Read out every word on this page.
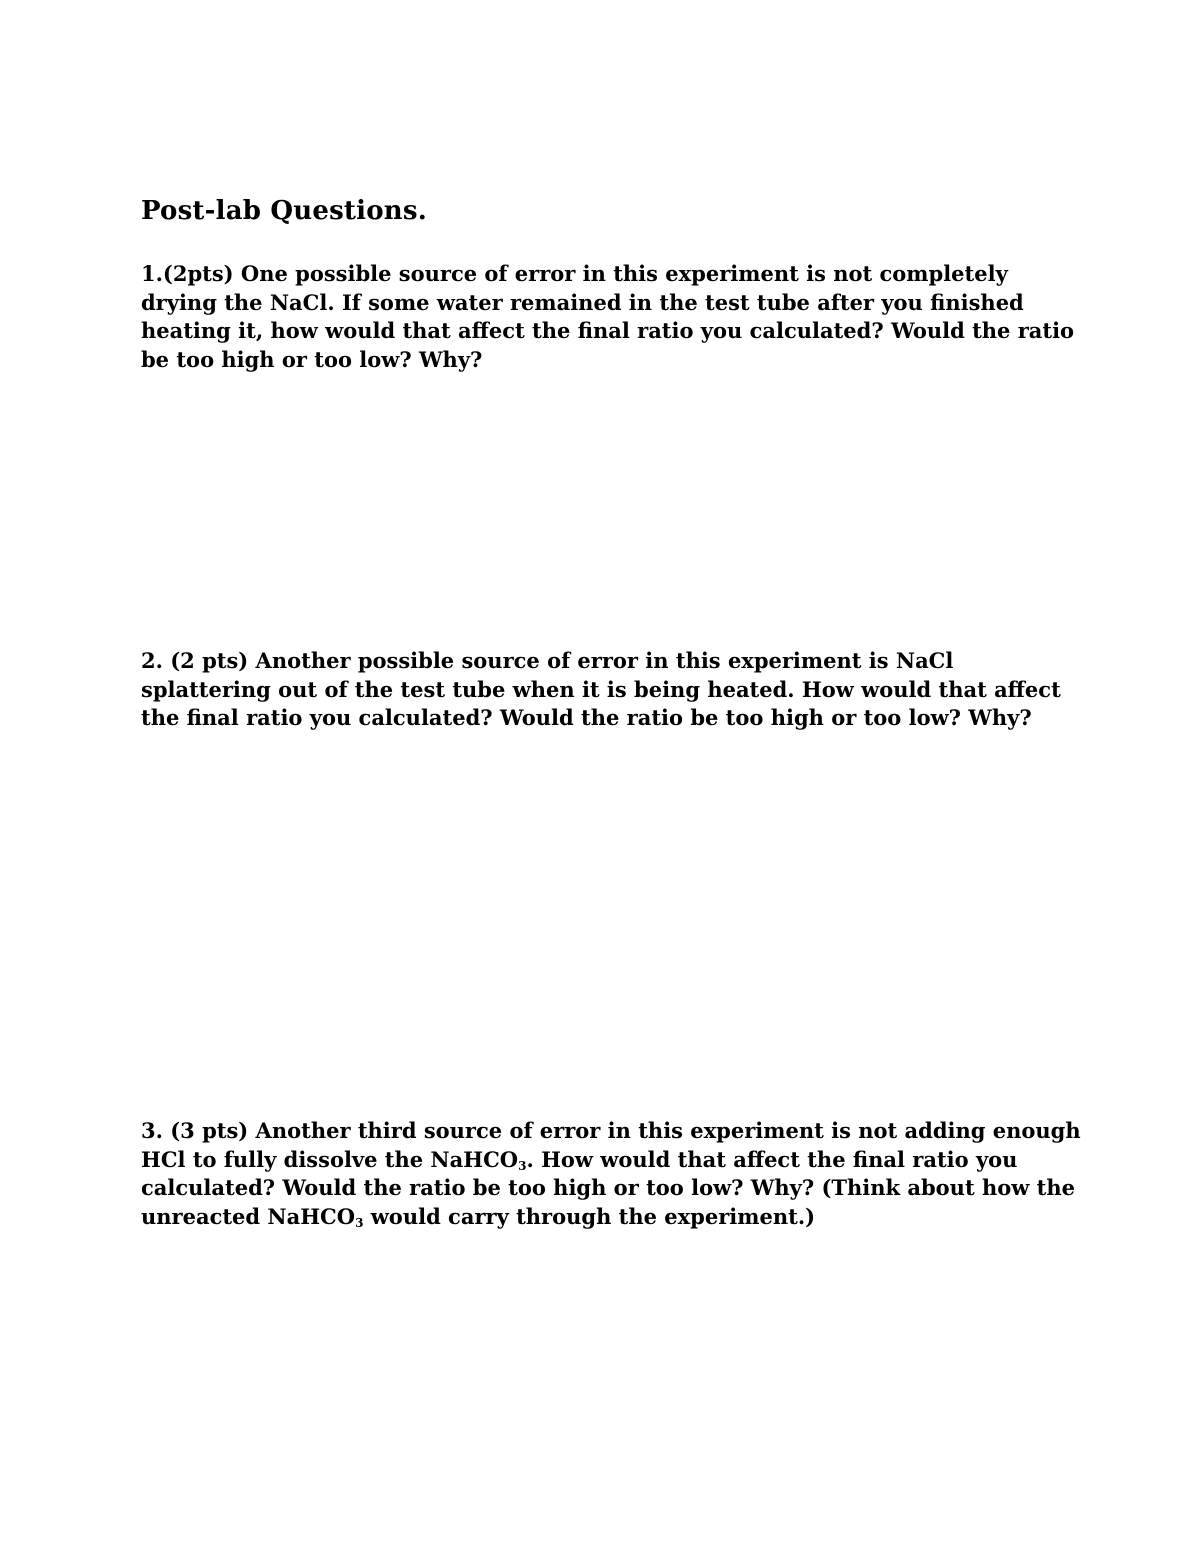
Post-lab Questions.
1.(2pts) One possible source of error in this experiment is not completely
drying the NaCl. If some water remained in the test tube after you finished
heating it, how would that affect the final ratio you calculated? Would the ratio
be too high or too low? Why?
2. (2 pts) Another possible source of error in this experiment is NaCl
splattering out of the test tube when it is being heated. How would that affect
the final ratio you calculated? Would the ratio be too high or too low? Why?
3. (3 pts) Another third source of error in this experiment is not adding enough
HCl to fully dissolve the NaHCO$_3$. How would that affect the final ratio you
calculated? Would the ratio be too high or too low? Why? (Think about how the
unreacted NaHCO$_3$ would carry through the experiment.)
